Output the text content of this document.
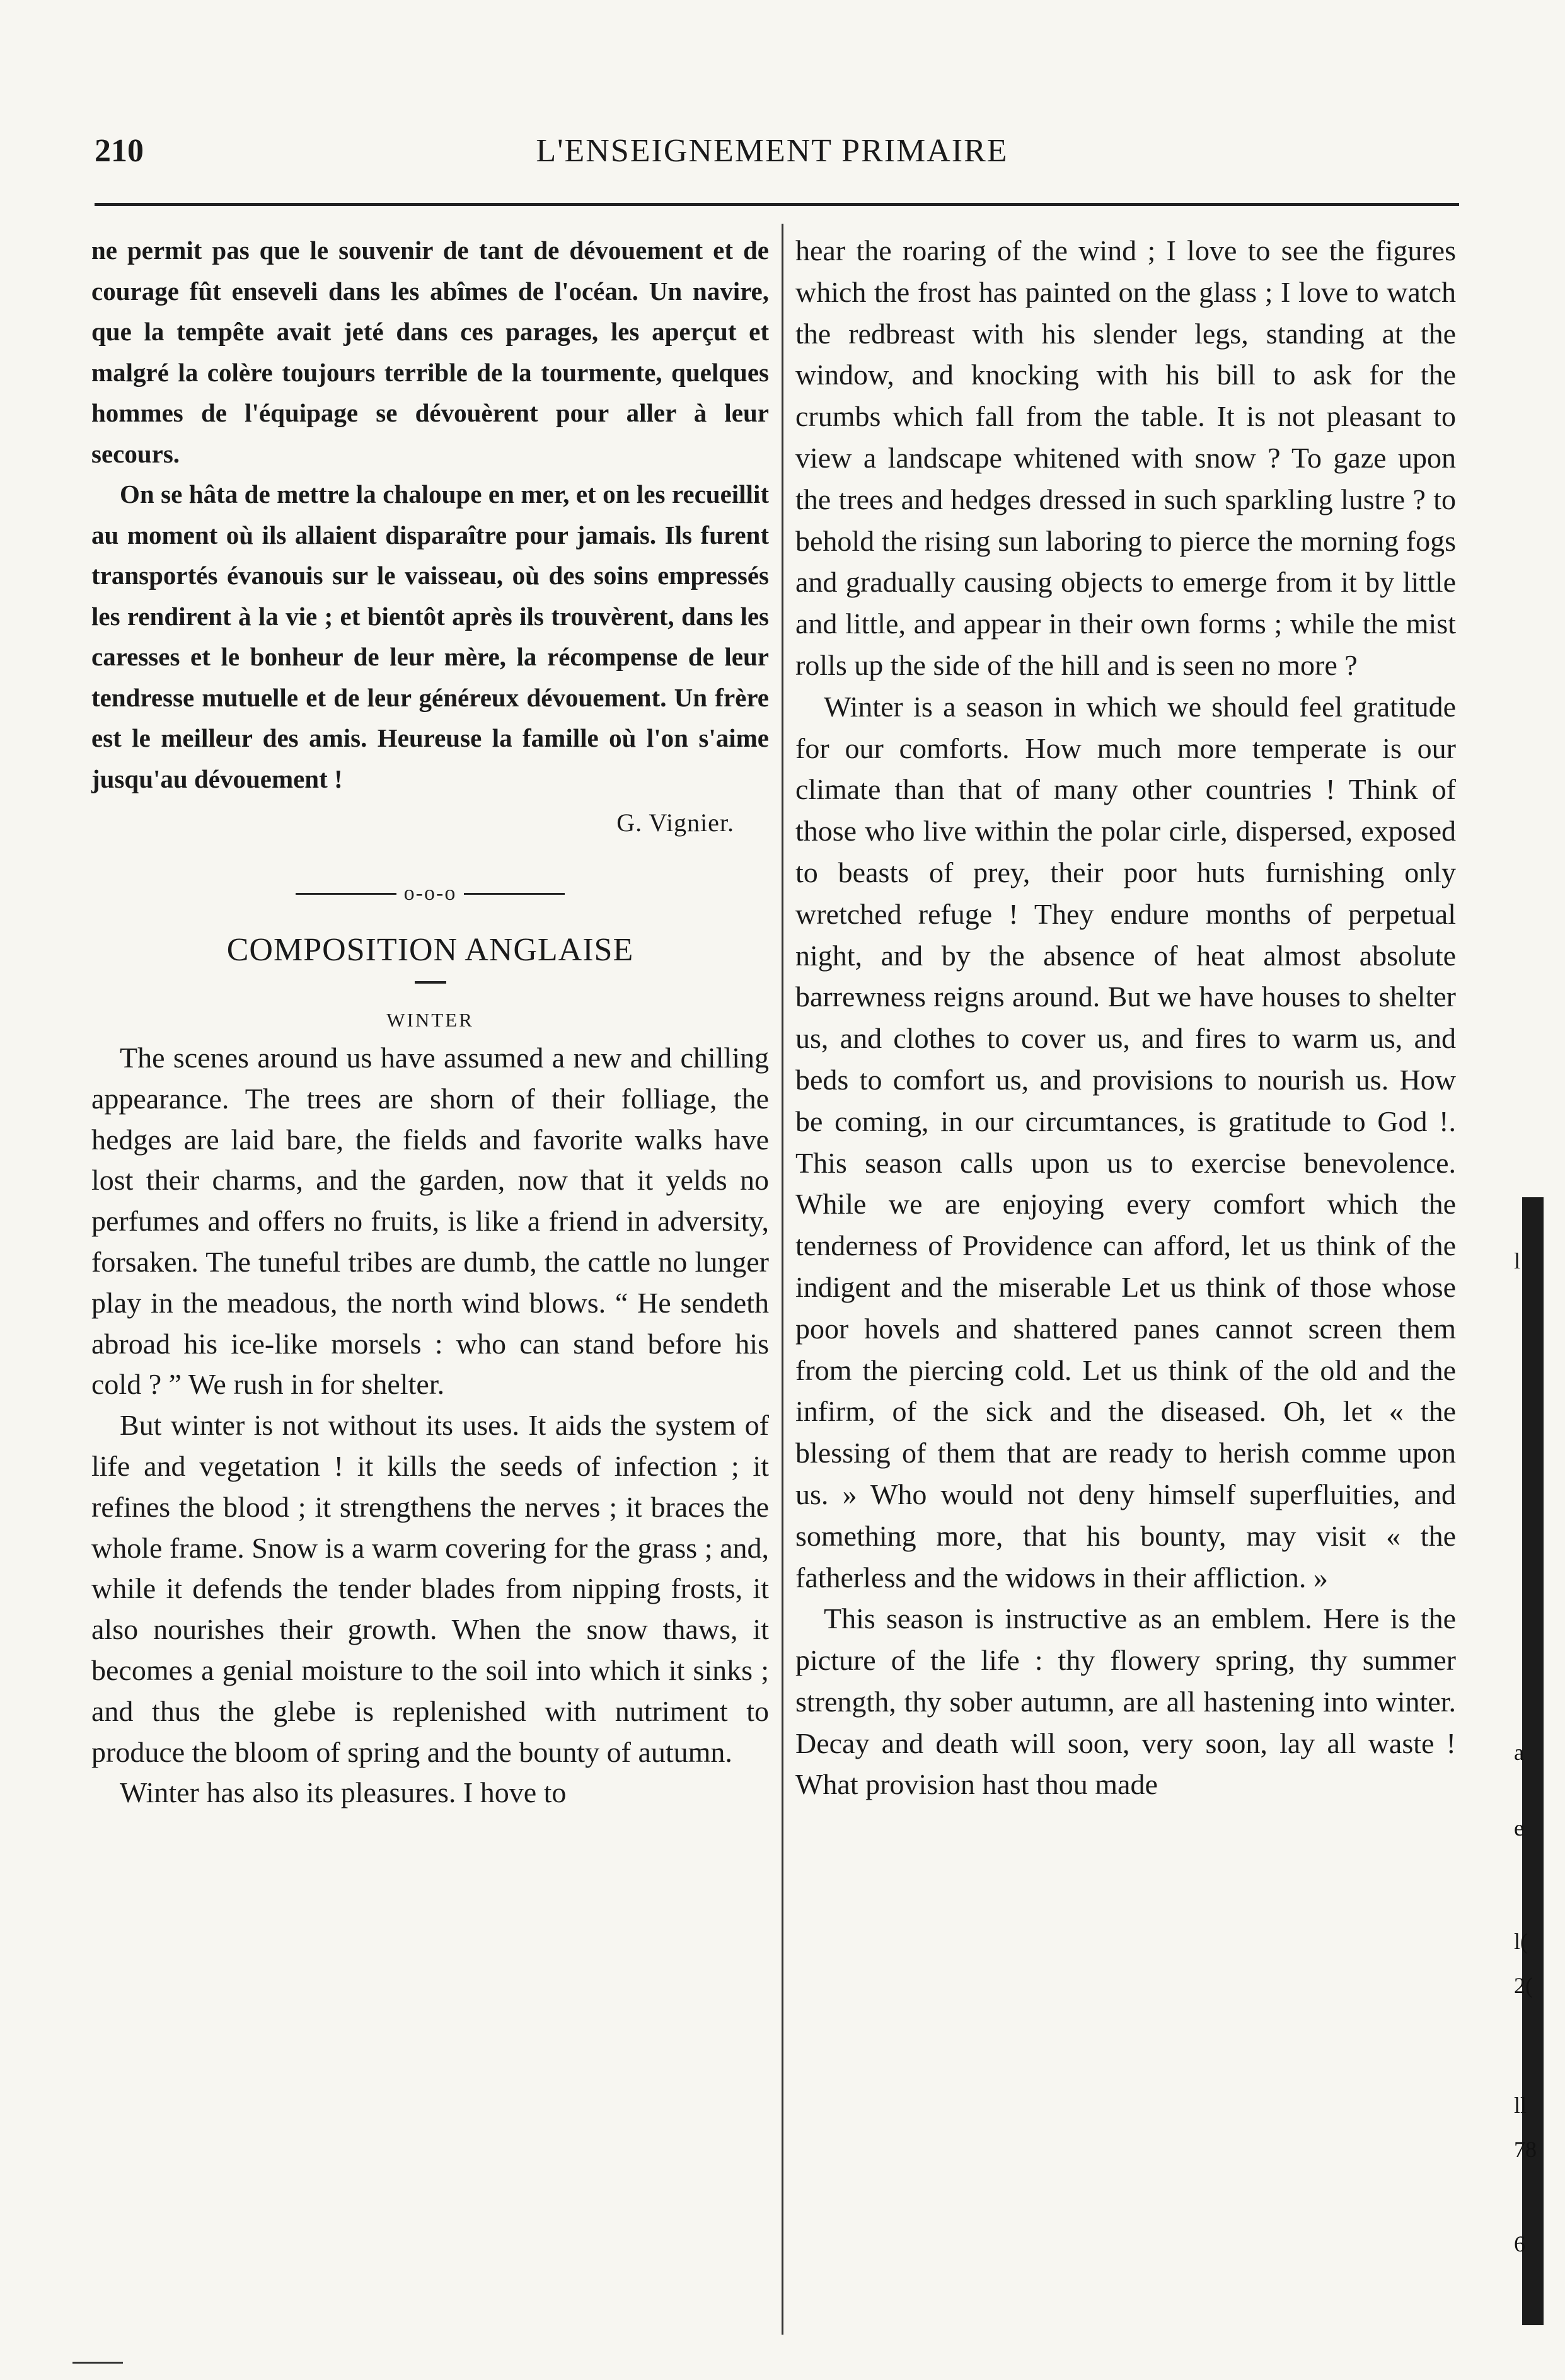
210	L'ENSEIGNEMENT PRIMAIRE

ne permit pas que le souvenir de tant de dévouement et de courage fût enseveli dans les abîmes de l'océan. Un navire, que la tempête avait jeté dans ces parages, les aperçut et malgré la colère toujours terrible de la tourmente, quelques hommes de l'équipage se dévouèrent pour aller à leur secours.

On se hâta de mettre la chaloupe en mer, et on les recueillit au moment où ils allaient disparaître pour jamais. Ils furent transportés évanouis sur le vaisseau, où des soins empressés les rendirent à la vie ; et bientôt après ils trouvèrent, dans les caresses et le bonheur de leur mère, la récompense de leur tendresse mutuelle et de leur généreux dévouement. Un frère est le meilleur des amis. Heureuse la famille où l'on s'aime jusqu'au dévouement !

G. Vignier.
o-o-o
COMPOSITION ANGLAISE
WINTER

The scenes around us have assumed a new and chilling appearance. The trees are shorn of their folliage, the hedges are laid bare, the fields and favorite walks have lost their charms, and the garden, now that it yelds no perfumes and offers no fruits, is like a friend in adversity, forsaken. The tuneful tribes are dumb, the cattle no lunger play in the meadous, the north wind blows. “ He sendeth abroad his ice-like morsels : who can stand before his cold ? ” We rush in for shelter.

But winter is not without its uses. It aids the system of life and vegetation ! it kills the seeds of infection ; it refines the blood ; it strengthens the nerves ; it braces the whole frame. Snow is a warm covering for the grass ; and, while it defends the tender blades from nipping frosts, it also nourishes their growth. When the snow thaws, it becomes a genial moisture to the soil into which it sinks ; and thus the glebe is replenished with nutriment to produce the bloom of spring and the bounty of autumn.

Winter has also its pleasures. I hove to

hear the roaring of the wind ; I love to see the figures which the frost has painted on the glass ; I love to watch the redbreast with his slender legs, standing at the window, and knocking with his bill to ask for the crumbs which fall from the table. It is not pleasant to view a landscape whitened with snow ? To gaze upon the trees and hedges dressed in such sparkling lustre ? to behold the rising sun laboring to pierce the morning fogs and gradually causing objects to emerge from it by little and little, and appear in their own forms ; while the mist rolls up the side of the hill and is seen no more ?

Winter is a season in which we should feel gratitude for our comforts. How much more temperate is our climate than that of many other countries ! Think of those who live within the polar cirle, dispersed, exposed to beasts of prey, their poor huts furnishing only wretched refuge ! They endure months of perpetual night, and by the absence of heat almost absolute barrewness reigns around. But we have houses to shelter us, and clothes to cover us, and fires to warm us, and beds to comfort us, and provisions to nourish us. How be coming, in our circumtances, is gratitude to God !. This season calls upon us to exercise benevolence. While we are enjoying every comfort which the tenderness of Providence can afford, let us think of the indigent and the miserable Let us think of those whose poor hovels and shattered panes cannot screen them from the piercing cold. Let us think of the old and the infirm, of the sick and the diseased. Oh, let « the blessing of them that are ready to herish comme upon us. » Who would not deny himself superfluities, and something more, that his bounty, may visit « the fatherless and the widows in their affliction. »

This season is instructive as an emblem. Here is the picture of the life : thy flowery spring, thy summer strength, thy sober autumn, are all hastening into winter. Decay and death will soon, very soon, lay all waste ! What provision hast thou made

l
a
e
l(
2(
ll
78
6
